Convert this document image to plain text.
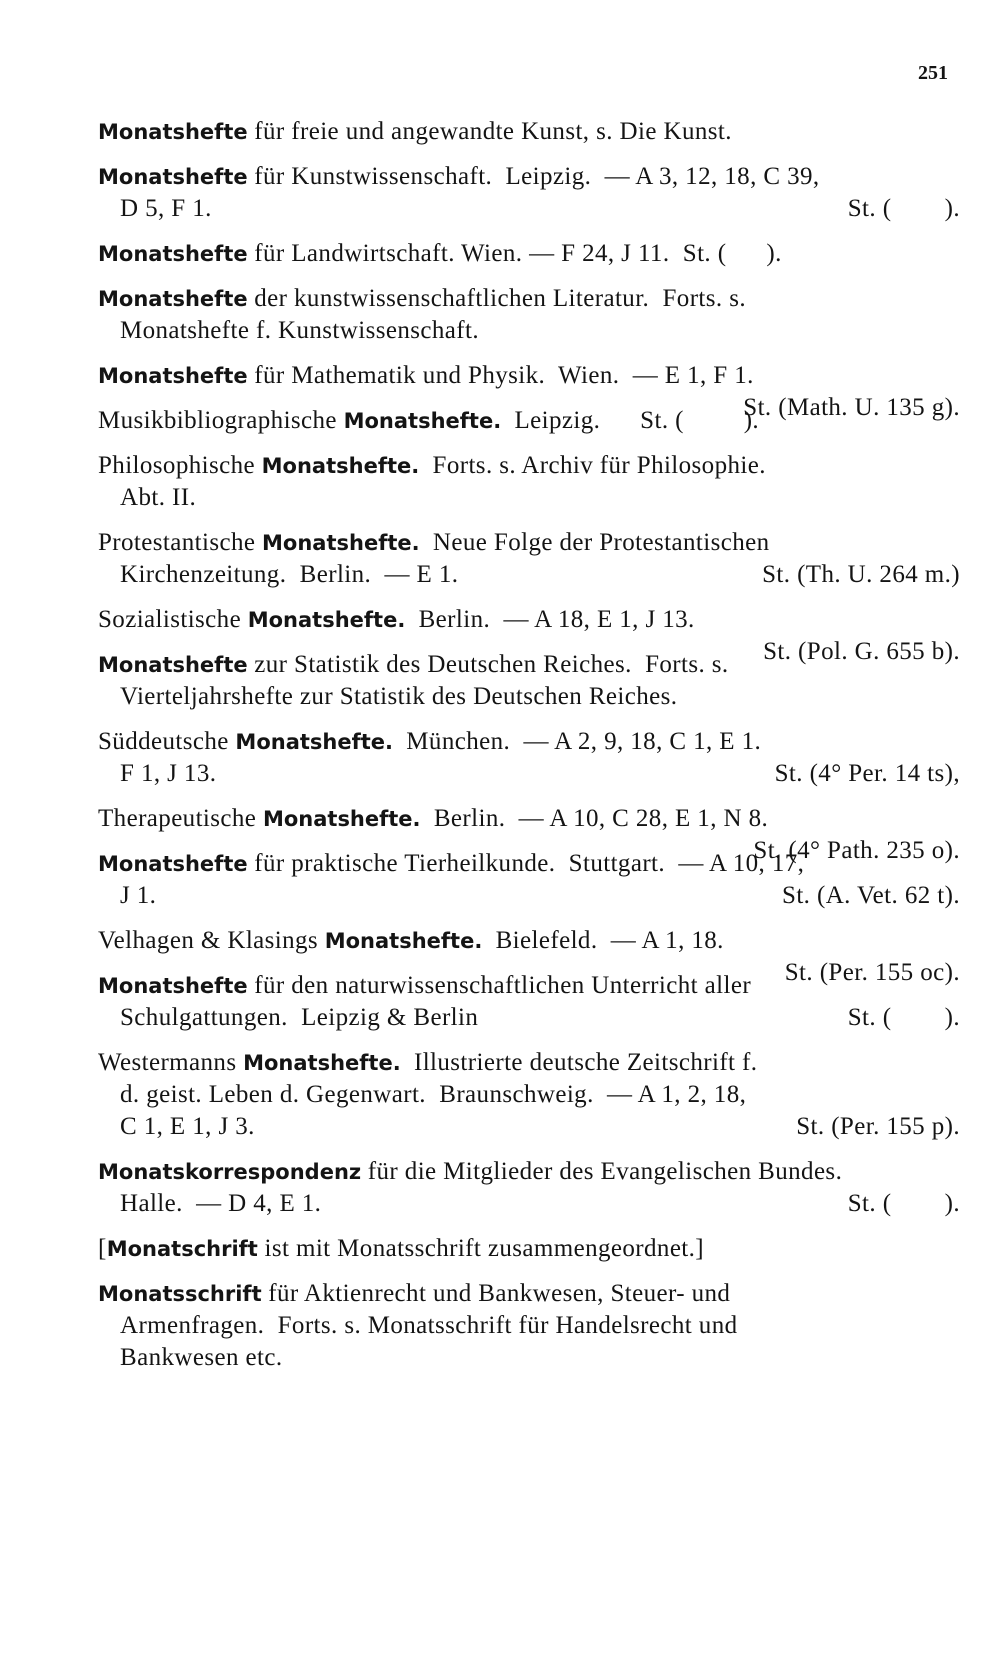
251
Monatshefte für freie und angewandte Kunst, s. Die Kunst.
Monatshefte für Kunstwissenschaft.  Leipzig.  — A 3, 12, 18, C 39,
D 5, F 1.	St. (        ).
Monatshefte für Landwirtschaft. Wien. — F 24, J 11.  St. (      ).
Monatshefte der kunstwissenschaftlichen Literatur.  Forts. s.
Monatshefte f. Kunstwissenschaft.
Monatshefte für Mathematik und Physik.  Wien.  — E 1, F 1.
St. (Math. U. 135 g).
Musikbibliographische Monatshefte.  Leipzig.      St. (         ).
Philosophische Monatshefte.  Forts. s. Archiv für Philosophie.
Abt. II.
Protestantische Monatshefte.  Neue Folge der Protestantischen
Kirchenzeitung.  Berlin.  — E 1.	St. (Th. U. 264 m.)
Sozialistische Monatshefte.  Berlin.  — A 18, E 1, J 13.
St. (Pol. G. 655 b).
Monatshefte zur Statistik des Deutschen Reiches.  Forts. s.
Vierteljahrshefte zur Statistik des Deutschen Reiches.
Süddeutsche Monatshefte.  München.  — A 2, 9, 18, C 1, E 1.
F 1, J 13.	St. (4° Per. 14 ts),
Therapeutische Monatshefte.  Berlin.  — A 10, C 28, E 1, N 8.
St. (4° Path. 235 o).
Monatshefte für praktische Tierheilkunde.  Stuttgart.  — A 10, 17,
J 1.	St. (A. Vet. 62 t).
Velhagen & Klasings Monatshefte.  Bielefeld.  — A 1, 18.
St. (Per. 155 oc).
Monatshefte für den naturwissenschaftlichen Unterricht aller
Schulgattungen.  Leipzig & Berlin	St. (        ).
Westermanns Monatshefte.  Illustrierte deutsche Zeitschrift f.
d. geist. Leben d. Gegenwart.  Braunschweig.  — A 1, 2, 18,
C 1, E 1, J 3.	St. (Per. 155 p).
Monatskorrespondenz für die Mitglieder des Evangelischen Bundes.
Halle.  — D 4, E 1.	St. (        ).
[Monatschrift ist mit Monatsschrift zusammengeordnet.]
Monatsschrift für Aktienrecht und Bankwesen, Steuer- und
Armenfragen.  Forts. s. Monatsschrift für Handelsrecht und
Bankwesen etc.
